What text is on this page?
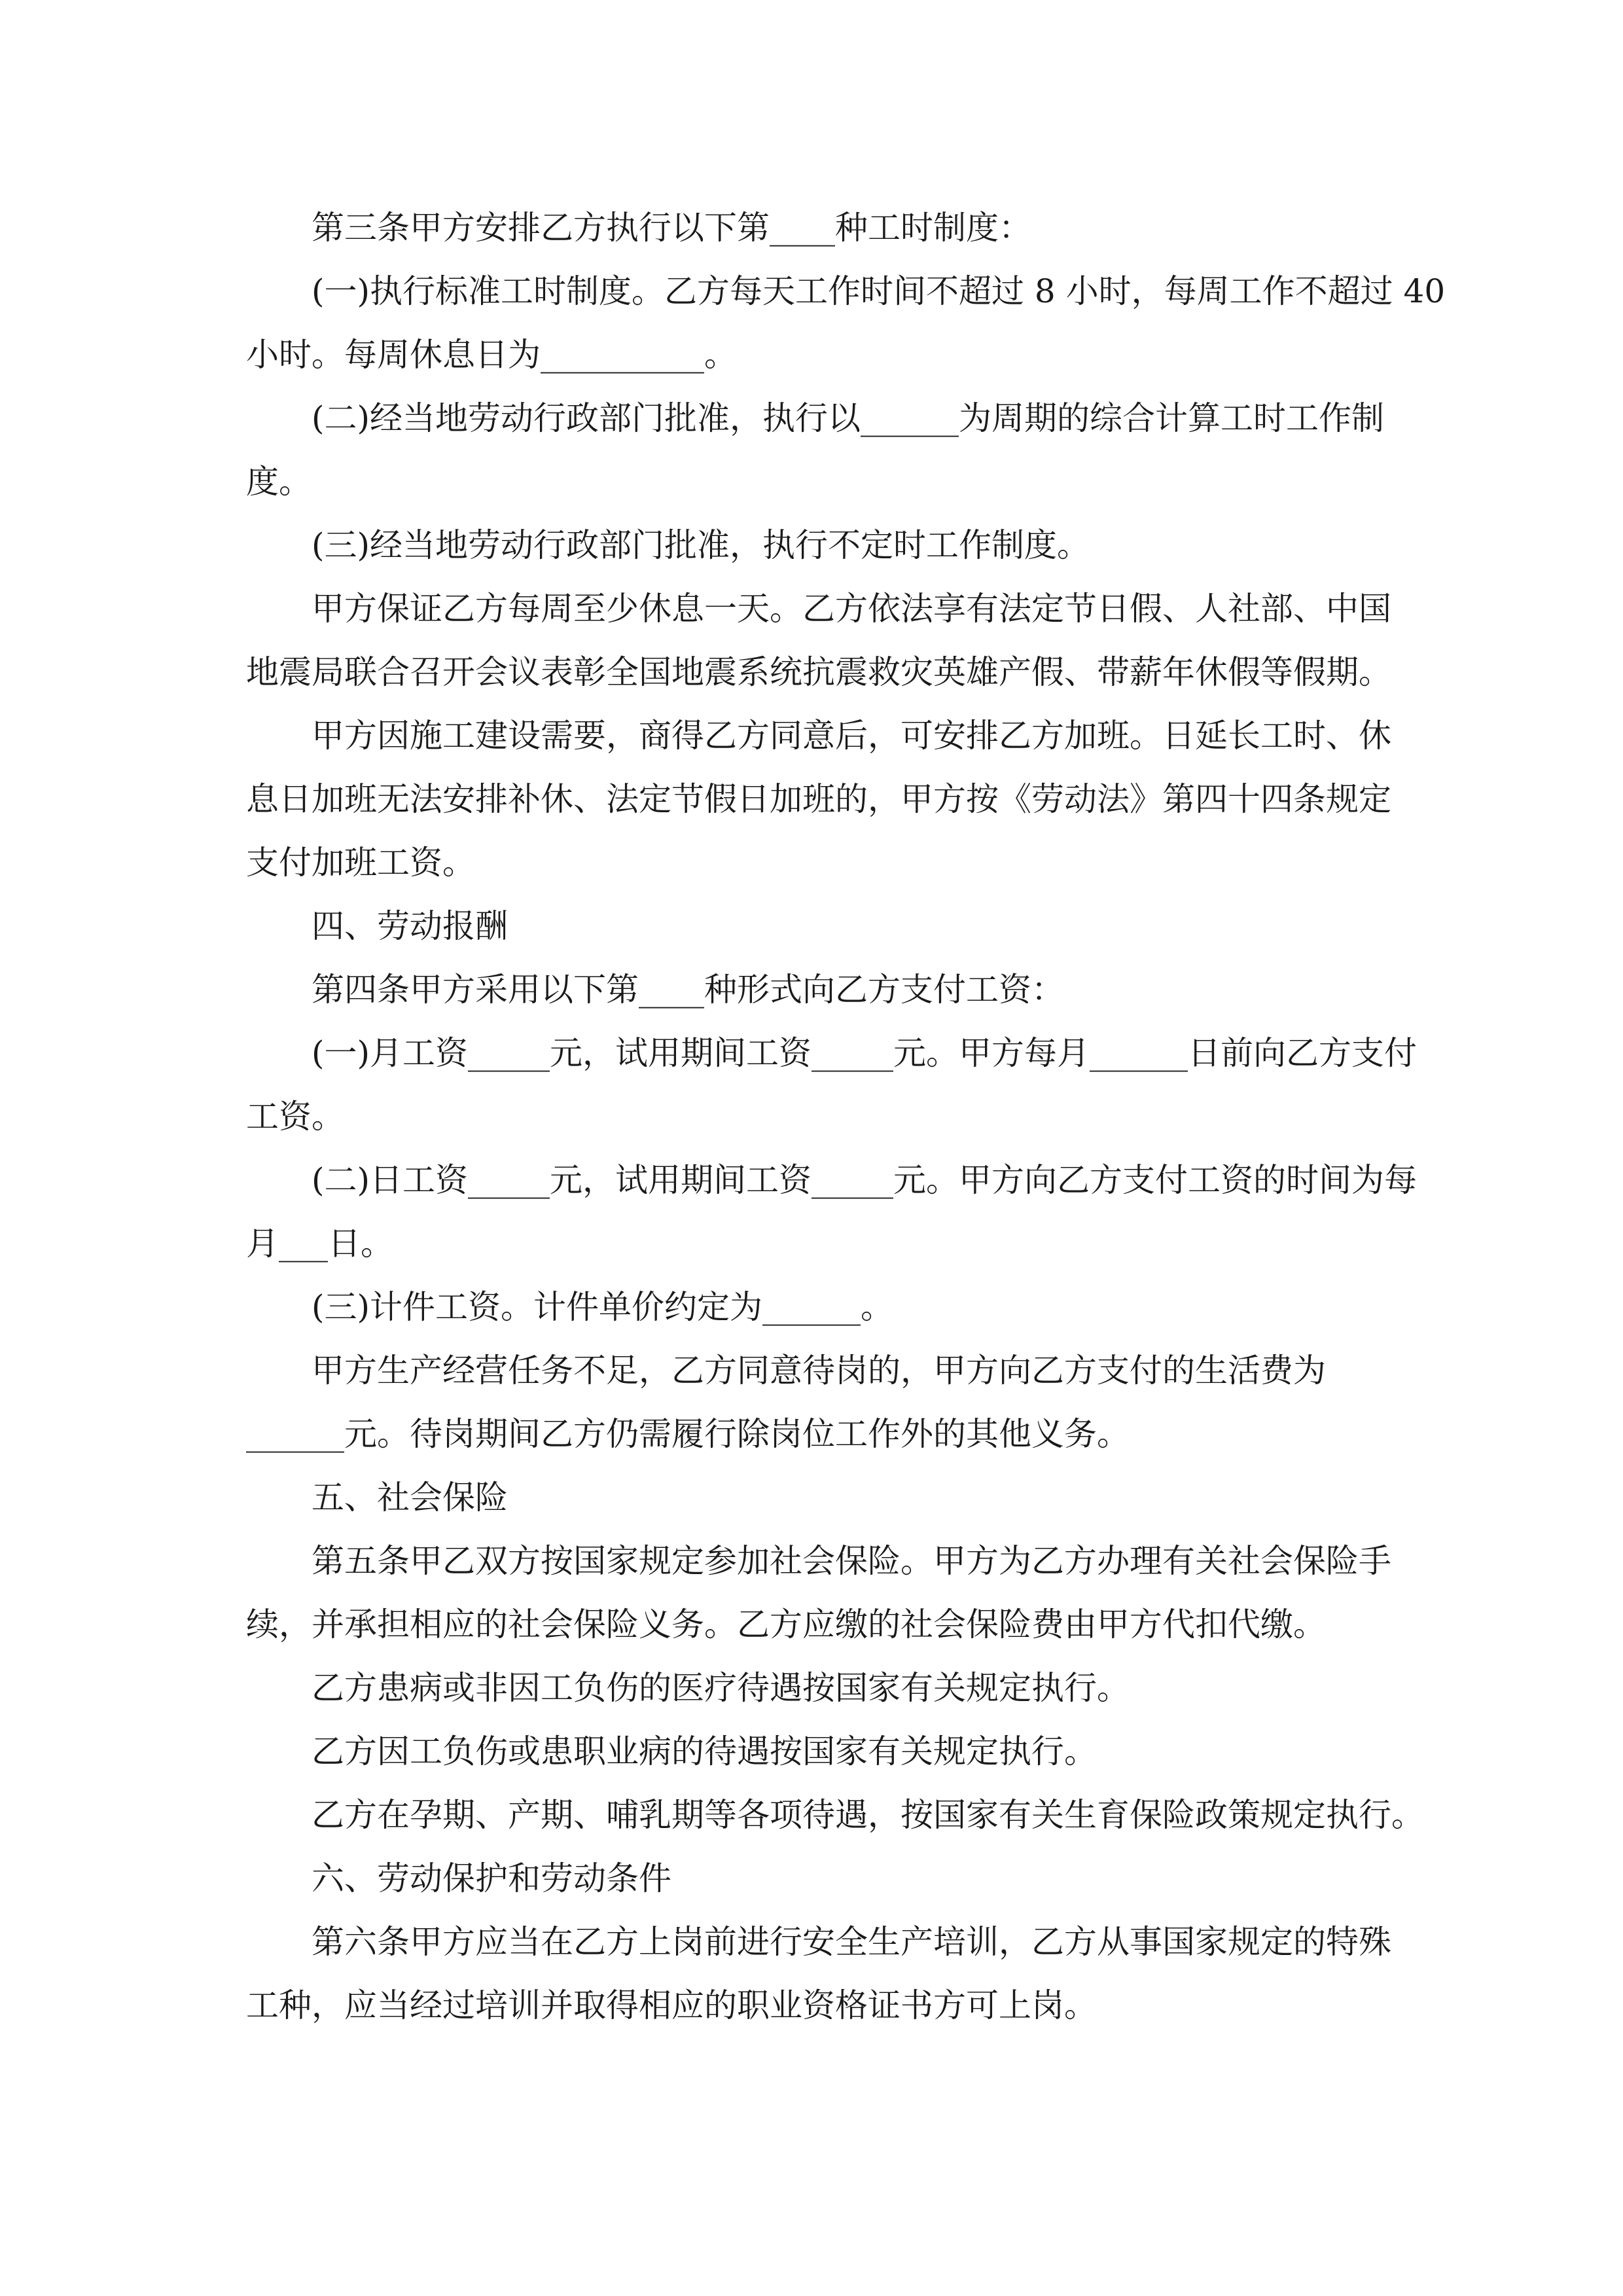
第三条甲方安排乙方执行以下第____种工时制度：
(一)执行标准工时制度。乙方每天工作时间不超过 8 小时，每周工作不超过 40
小时。每周休息日为__________。
(二)经当地劳动行政部门批准，执行以______为周期的综合计算工时工作制
度。
(三)经当地劳动行政部门批准，执行不定时工作制度。
甲方保证乙方每周至少休息一天。乙方依法享有法定节日假、人社部、中国
地震局联合召开会议表彰全国地震系统抗震救灾英雄产假、带薪年休假等假期。
甲方因施工建设需要，商得乙方同意后，可安排乙方加班。日延长工时、休
息日加班无法安排补休、法定节假日加班的，甲方按《劳动法》第四十四条规定
支付加班工资。
四、劳动报酬
第四条甲方采用以下第____种形式向乙方支付工资：
(一)月工资_____元，试用期间工资_____元。甲方每月______日前向乙方支付
工资。
(二)日工资_____元，试用期间工资_____元。甲方向乙方支付工资的时间为每
月___日。
(三)计件工资。计件单价约定为______。
甲方生产经营任务不足，乙方同意待岗的，甲方向乙方支付的生活费为
______元。待岗期间乙方仍需履行除岗位工作外的其他义务。
五、社会保险
第五条甲乙双方按国家规定参加社会保险。甲方为乙方办理有关社会保险手
续，并承担相应的社会保险义务。乙方应缴的社会保险费由甲方代扣代缴。
乙方患病或非因工负伤的医疗待遇按国家有关规定执行。
乙方因工负伤或患职业病的待遇按国家有关规定执行。
乙方在孕期、产期、哺乳期等各项待遇，按国家有关生育保险政策规定执行。
六、劳动保护和劳动条件
第六条甲方应当在乙方上岗前进行安全生产培训，乙方从事国家规定的特殊
工种，应当经过培训并取得相应的职业资格证书方可上岗。
